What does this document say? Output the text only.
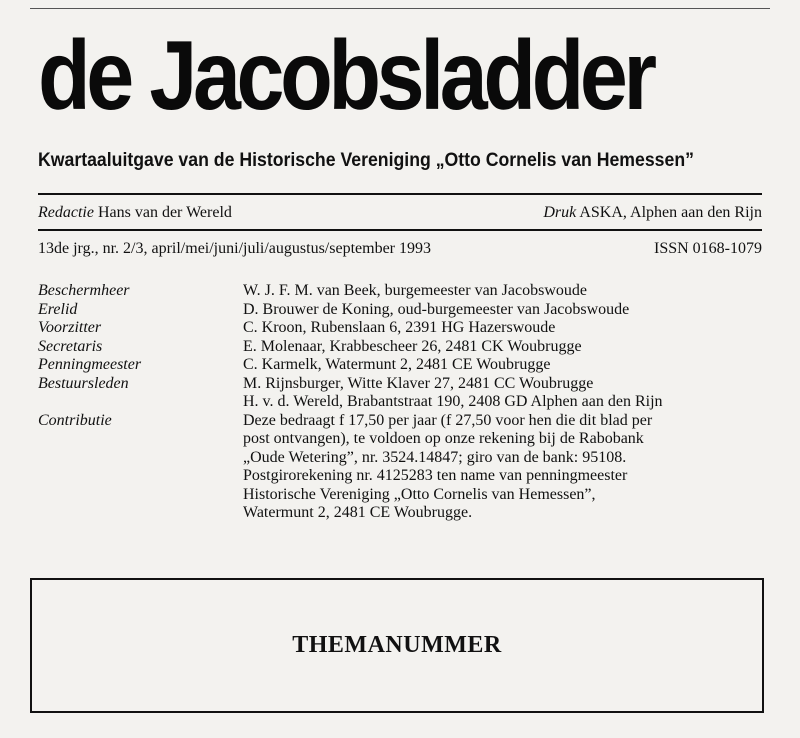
de Jacobsladder
Kwartaaluitgave van de Historische Vereniging „Otto Cornelis van Hemessen”
Redactie Hans van der Wereld	Druk ASKA, Alphen aan den Rijn
13de jrg., nr. 2/3, april/mei/juni/juli/augustus/september 1993	ISSN 0168-1079
Beschermheer
Erelid
Voorzitter
Secretaris
Penningmeester
Bestuursleden
Contributie
W. J. F. M. van Beek, burgemeester van Jacobswoude
D. Brouwer de Koning, oud-burgemeester van Jacobswoude
C. Kroon, Rubenslaan 6, 2391 HG Hazerswoude
E. Molenaar, Krabbescheer 26, 2481 CK Woubrugge
C. Karmelk, Watermunt 2, 2481 CE Woubrugge
M. Rijnsburger, Witte Klaver 27, 2481 CC Woubrugge
H. v. d. Wereld, Brabantstraat 190, 2408 GD Alphen aan den Rijn
Deze bedraagt f 17,50 per jaar (f 27,50 voor hen die dit blad per
post ontvangen), te voldoen op onze rekening bij de Rabobank
„Oude Wetering”, nr. 3524.14847; giro van de bank: 95108.
Postgirorekening nr. 4125283 ten name van penningmeester
Historische Vereniging „Otto Cornelis van Hemessen”,
Watermunt 2, 2481 CE Woubrugge.
THEMANUMMER
